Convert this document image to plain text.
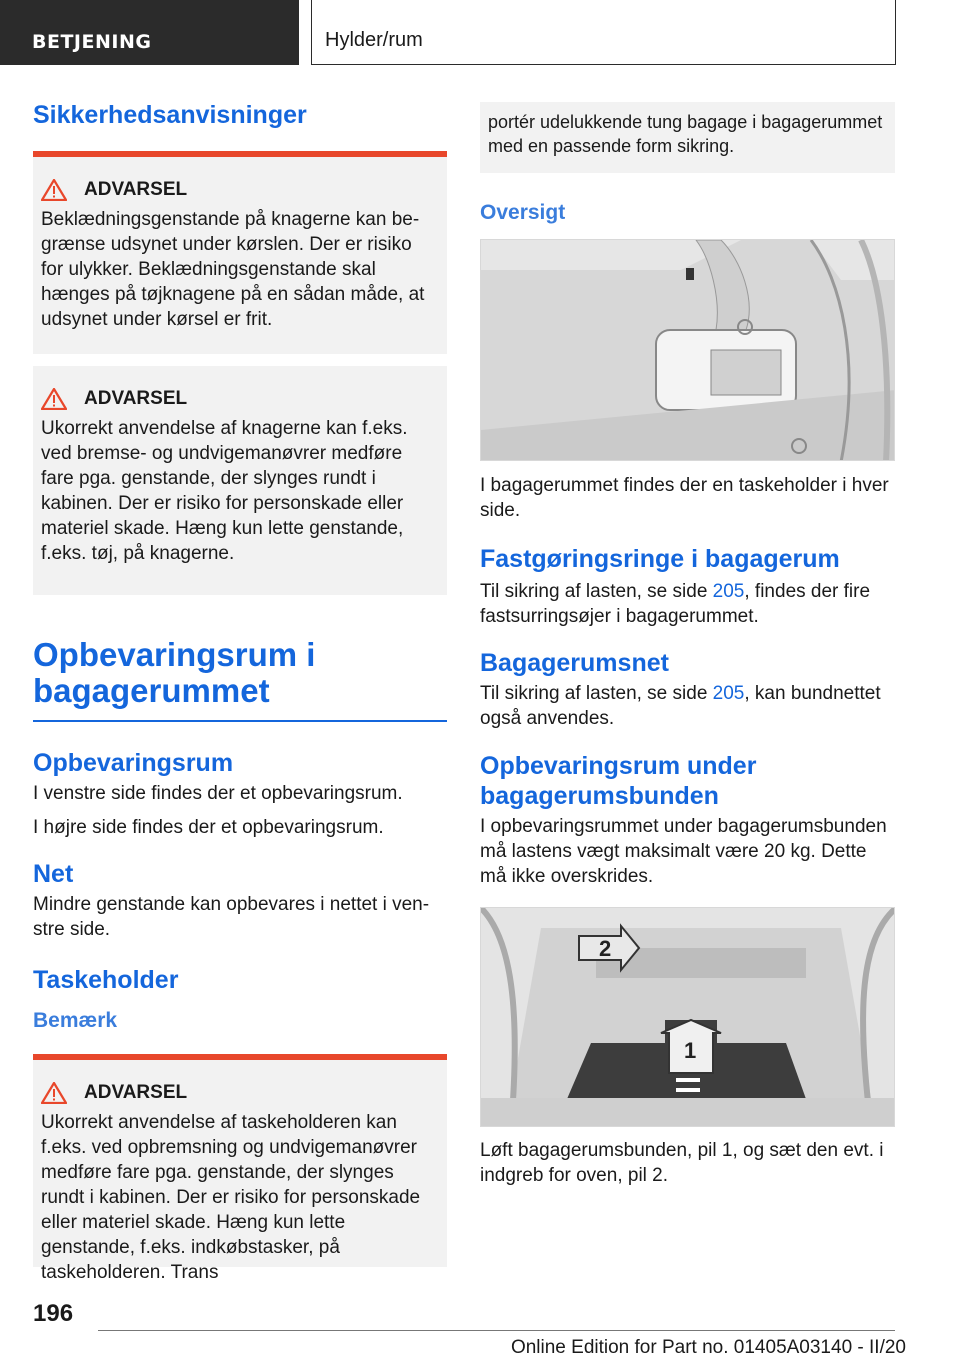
BETJENING	Hylder/rum
Sikkerhedsanvisninger
ADVARSEL

Beklædningsgenstande på knagerne kan begrænse udsynet under kørslen. Der er risiko for ulykker. Beklædningsgenstande skal hænges på tøjknagene på en sådan måde, at udsynet under kørsel er frit.

ADVARSEL

Ukorrekt anvendelse af knagerne kan f.eks. ved bremse- og undvigemanøvrer medføre fare pga. genstande, der slynges rundt i kabinen. Der er risiko for personskade eller materiel skade. Hæng kun lette genstande, f.eks. tøj, på knagerne.

Opbevaringsrum i bagagerummet
Opbevaringsrum

I venstre side findes der et opbevaringsrum.

I højre side findes der et opbevaringsrum.

Net

Mindre genstande kan opbevares i nettet i venstre side.

Taskeholder
Bemærk
ADVARSEL

Ukorrekt anvendelse af taskeholderen kan f.eks. ved opbremsning og undvigemanøvrer medføre fare pga. genstande, der slynges rundt i kabinen. Der er risiko for personskade eller materiel skade. Hæng kun lette genstande, f.eks. indkøbstasker, på taskeholderen. Trans

portér udelukkende tung bagage i bagagerummet med en passende form sikring.

Oversigt

I bagagerummet findes der en taskeholder i hver side.

Fastgøringsringe i bagagerum

Til sikring af lasten, se side 205, findes der fire fastsurringsøjer i bagagerummet.

Bagagerumsnet

Til sikring af lasten, se side 205, kan bundnettet også anvendes.

Opbevaringsrum under bagagerumsbunden

I opbevaringsrummet under bagagerumsbunden må lastens vægt maksimalt være 20 kg. Dette må ikke overskrides.

2
1

Løft bagagerumsbunden, pil 1, og sæt den evt. i indgreb for oven, pil 2.

196
Online Edition for Part no. 01405A03140 - II/20
